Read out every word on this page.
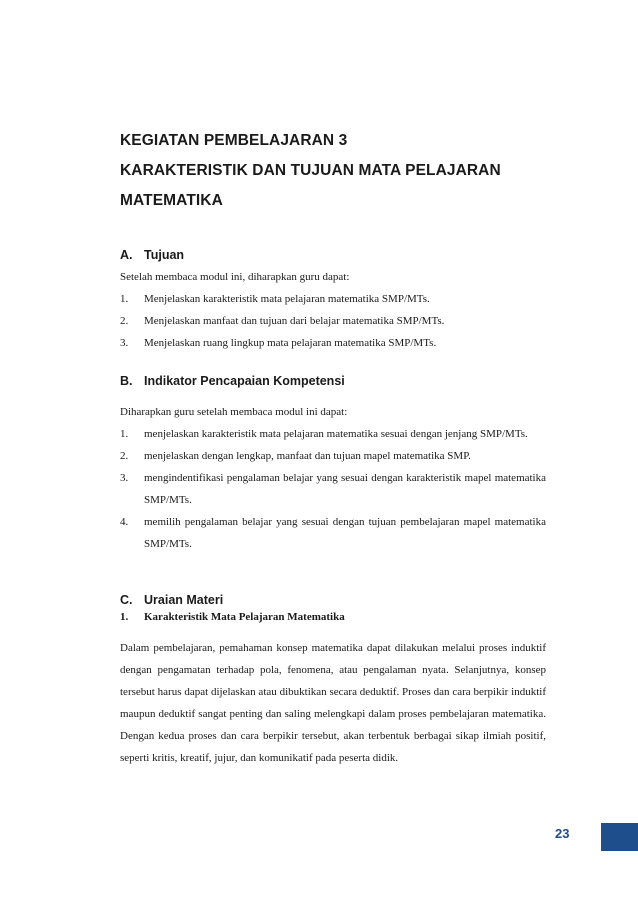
KEGIATAN PEMBELAJARAN 3
KARAKTERISTIK DAN TUJUAN MATA PELAJARAN
MATEMATIKA
A. Tujuan
Setelah membaca modul ini, diharapkan guru dapat:
1. Menjelaskan karakteristik mata pelajaran matematika SMP/MTs.
2. Menjelaskan manfaat dan tujuan dari belajar matematika SMP/MTs.
3. Menjelaskan ruang lingkup mata pelajaran matematika SMP/MTs.
B. Indikator Pencapaian Kompetensi
Diharapkan guru setelah membaca modul ini dapat:
1. menjelaskan karakteristik mata pelajaran matematika sesuai dengan jenjang SMP/MTs.
2. menjelaskan dengan lengkap, manfaat dan tujuan mapel matematika SMP.
3. mengindentifikasi pengalaman belajar yang sesuai dengan karakteristik mapel matematika SMP/MTs.
4. memilih pengalaman belajar yang sesuai dengan tujuan pembelajaran mapel matematika SMP/MTs.
C. Uraian Materi
1. Karakteristik Mata Pelajaran Matematika
Dalam pembelajaran, pemahaman konsep matematika dapat dilakukan melalui proses induktif dengan pengamatan terhadap pola, fenomena, atau pengalaman nyata. Selanjutnya, konsep tersebut harus dapat dijelaskan atau dibuktikan secara deduktif. Proses dan cara berpikir induktif maupun deduktif sangat penting dan saling melengkapi dalam proses pembelajaran matematika. Dengan kedua proses dan cara berpikir tersebut, akan terbentuk berbagai sikap ilmiah positif, seperti kritis, kreatif, jujur, dan komunikatif pada peserta didik.
23
